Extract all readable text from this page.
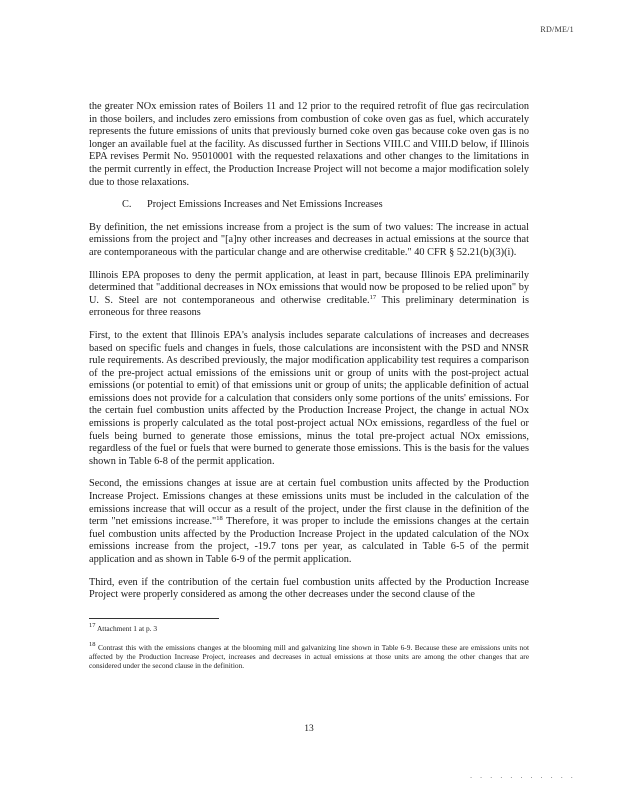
RD/ME/1

the greater NOx emission rates of Boilers 11 and 12 prior to the required retrofit of flue gas recirculation in those boilers, and includes zero emissions from combustion of coke oven gas as fuel, which accurately represents the future emissions of units that previously burned coke oven gas because coke oven gas is no longer an available fuel at the facility. As discussed further in Sections VIII.C and VIII.D below, if Illinois EPA revises Permit No. 95010001 with the requested relaxations and other changes to the limitations in the permit currently in effect, the Production Increase Project will not become a major modification solely due to those relaxations.

C.	Project Emissions Increases and Net Emissions Increases

By definition, the net emissions increase from a project is the sum of two values: The increase in actual emissions from the project and "[a]ny other increases and decreases in actual emissions at the source that are contemporaneous with the particular change and are otherwise creditable." 40 CFR § 52.21(b)(3)(i).

Illinois EPA proposes to deny the permit application, at least in part, because Illinois EPA preliminarily determined that "additional decreases in NOx emissions that would now be proposed to be relied upon" by U. S. Steel are not contemporaneous and otherwise creditable.$^{17}$ This preliminary determination is erroneous for three reasons

First, to the extent that Illinois EPA's analysis includes separate calculations of increases and decreases based on specific fuels and changes in fuels, those calculations are inconsistent with the PSD and NNSR rule requirements. As described previously, the major modification applicability test requires a comparison of the pre-project actual emissions of the emissions unit or group of units with the post-project actual emissions (or potential to emit) of that emissions unit or group of units; the applicable definition of actual emissions does not provide for a calculation that considers only some portions of the units' emissions. For the certain fuel combustion units affected by the Production Increase Project, the change in actual NOx emissions is properly calculated as the total post-project actual NOx emissions, regardless of the fuel or fuels being burned to generate those emissions, minus the total pre-project actual NOx emissions, regardless of the fuel or fuels that were burned to generate those emissions. This is the basis for the values shown in Table 6-8 of the permit application.

Second, the emissions changes at issue are at certain fuel combustion units affected by the Production Increase Project. Emissions changes at these emissions units must be included in the calculation of the emissions increase that will occur as a result of the project, under the first clause in the definition of the term "net emissions increase."$^{18}$ Therefore, it was proper to include the emissions changes at the certain fuel combustion units affected by the Production Increase Project in the updated calculation of the NOx emissions increase from the project, -19.7 tons per year, as calculated in Table 6-5 of the permit application and as shown in Table 6-9 of the permit application.

Third, even if the contribution of the certain fuel combustion units affected by the Production Increase Project were properly considered as among the other decreases under the second clause of the

$^{17}$ Attachment 1 at p. 3

$^{18}$ Contrast this with the emissions changes at the blooming mill and galvanizing line shown in Table 6-9. Because these are emissions units not affected by the Production Increase Project, increases and decreases in actual emissions at those units are among the other changes that are considered under the second clause in the definition.

13
· · · · · · · · · · ·
